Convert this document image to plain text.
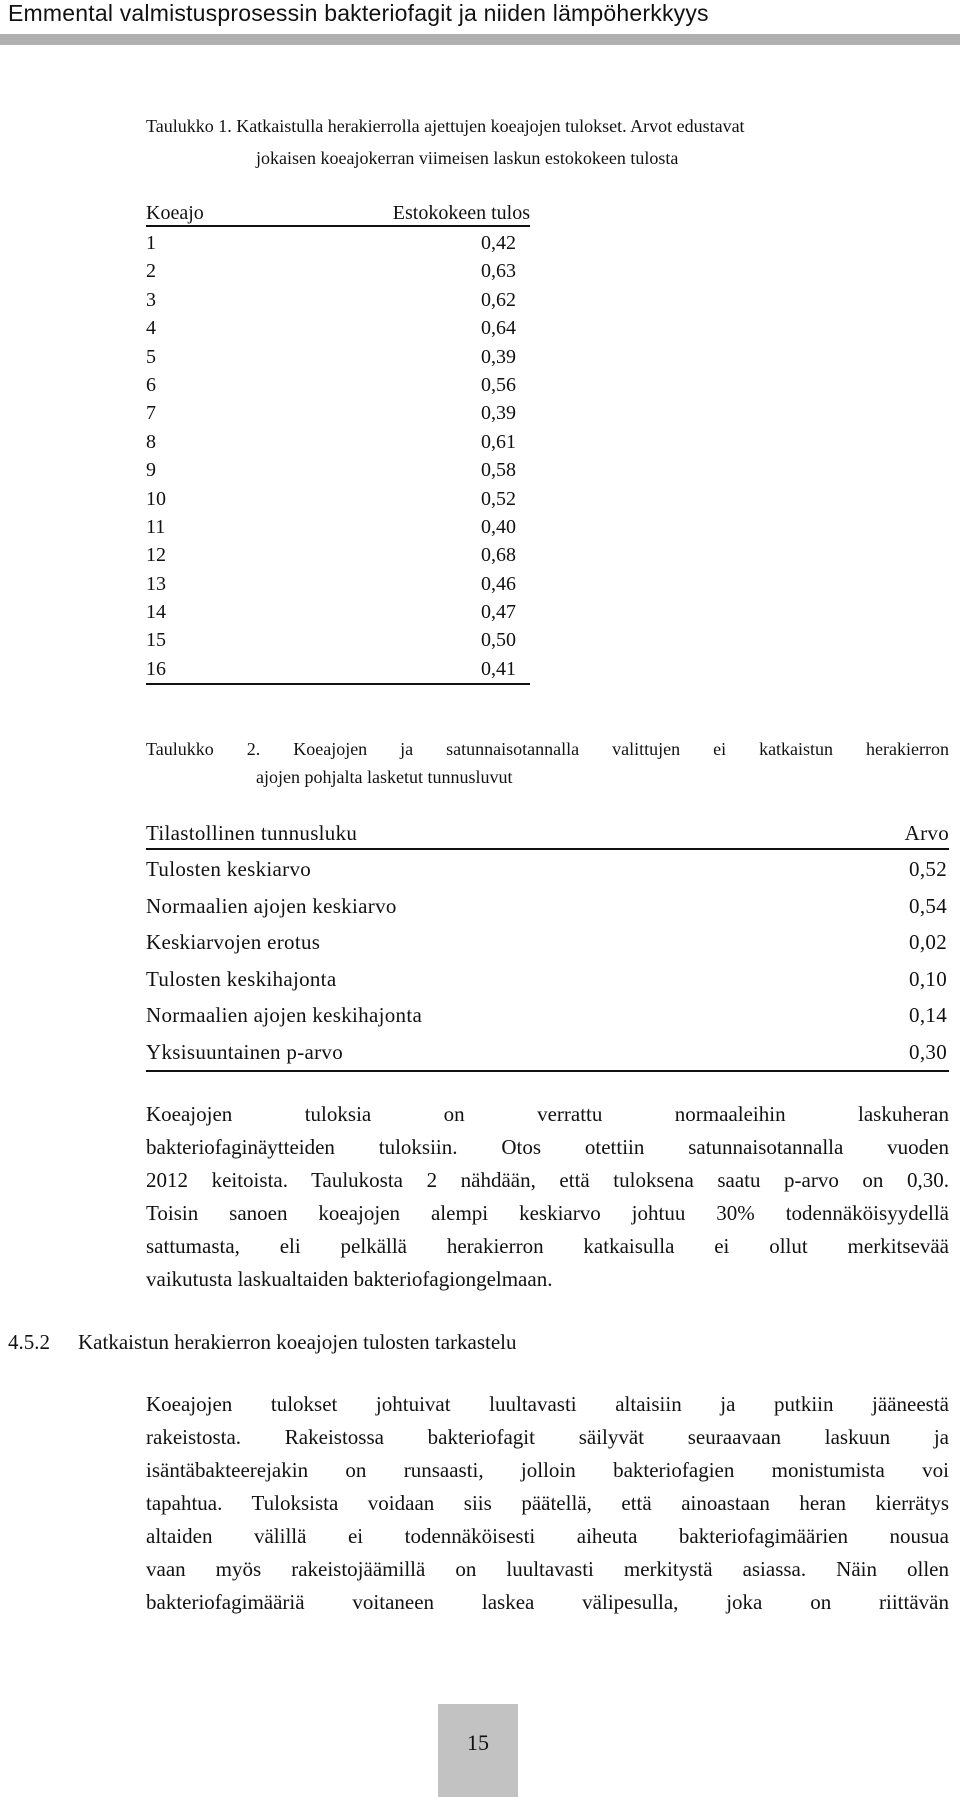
Emmental valmistusprosessin bakteriofagit ja niiden lämpöherkkyys
Taulukko 1. Katkaistulla herakierrolla ajettujen koeajojen tulokset. Arvot edustavat
jokaisen koeajokerran viimeisen laskun estokokeen tulosta
Koeajo	Estokokeen tulos
1	0,42
2	0,63
3	0,62
4	0,64
5	0,39
6	0,56
7	0,39
8	0,61
9	0,58
10	0,52
11	0,40
12	0,68
13	0,46
14	0,47
15	0,50
16	0,41
Taulukko 2. Koeajojen ja satunnaisotannalla valittujen ei katkaistun herakierron
ajojen pohjalta lasketut tunnusluvut
Tilastollinen tunnusluku	Arvo
Tulosten keskiarvo	0,52
Normaalien ajojen keskiarvo	0,54
Keskiarvojen erotus	0,02
Tulosten keskihajonta	0,10
Normaalien ajojen keskihajonta	0,14
Yksisuuntainen p-arvo	0,30
Koeajojen tuloksia on verrattu normaaleihin laskuheran
bakteriofaginäytteiden tuloksiin. Otos otettiin satunnaisotannalla vuoden
2012 keitoista. Taulukosta 2 nähdään, että tuloksena saatu p-arvo on 0,30.
Toisin sanoen koeajojen alempi keskiarvo johtuu 30% todennäköisyydellä
sattumasta, eli pelkällä herakierron katkaisulla ei ollut merkitsevää
vaikutusta laskualtaiden bakteriofagiongelmaan.
4.5.2 Katkaistun herakierron koeajojen tulosten tarkastelu
Koeajojen tulokset johtuivat luultavasti altaisiin ja putkiin jääneestä
rakeistosta. Rakeistossa bakteriofagit säilyvät seuraavaan laskuun ja
isäntäbakteerejakin on runsaasti, jolloin bakteriofagien monistumista voi
tapahtua. Tuloksista voidaan siis päätellä, että ainoastaan heran kierrätys
altaiden välillä ei todennäköisesti aiheuta bakteriofagimäärien nousua
vaan myös rakeistojäämillä on luultavasti merkitystä asiassa. Näin ollen
bakteriofagimääriä voitaneen laskea välipesulla, joka on riittävän
15
